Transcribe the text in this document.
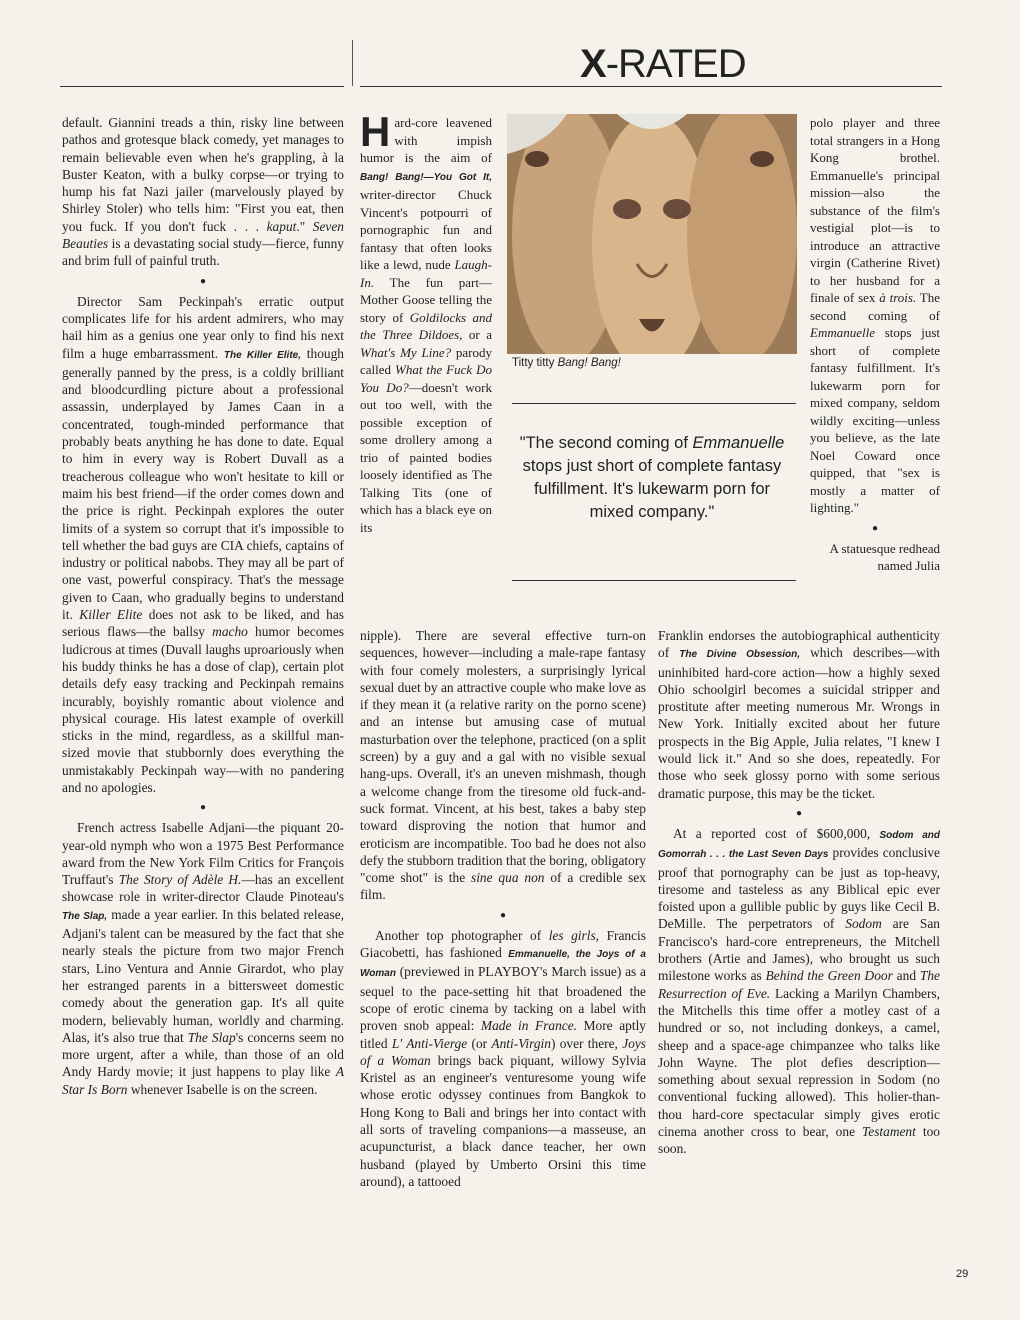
X-RATED

default. Giannini treads a thin, risky line between pathos and grotesque black comedy, yet manages to remain believable even when he's grappling, à la Buster Keaton, with a bulky corpse—or trying to hump his fat Nazi jailer (marvelously played by Shirley Stoler) who tells him: "First you eat, then you fuck. If you don't fuck . . . kaput." Seven Beauties is a devastating social study—fierce, funny and brim full of painful truth.

●

Director Sam Peckinpah's erratic output complicates life for his ardent admirers, who may hail him as a genius one year only to find his next film a huge embarrassment. The Killer Elite, though generally panned by the press, is a coldly brilliant and bloodcurdling picture about a professional assassin, underplayed by James Caan in a concentrated, tough-minded performance that probably beats anything he has done to date. Equal to him in every way is Robert Duvall as a treacherous colleague who won't hesitate to kill or maim his best friend—if the order comes down and the price is right. Peckinpah explores the outer limits of a system so corrupt that it's impossible to tell whether the bad guys are CIA chiefs, captains of industry or political nabobs. They may all be part of one vast, powerful conspiracy. That's the message given to Caan, who gradually begins to understand it. Killer Elite does not ask to be liked, and has serious flaws—the ballsy macho humor becomes ludicrous at times (Duvall laughs uproariously when his buddy thinks he has a dose of clap), certain plot details defy easy tracking and Peckinpah remains incurably, boyishly romantic about violence and physical courage. His latest example of overkill sticks in the mind, regardless, as a skillful man-sized movie that stubbornly does everything the unmistakably Peckinpah way—with no pandering and no apologies.

●

French actress Isabelle Adjani—the piquant 20-year-old nymph who won a 1975 Best Performance award from the New York Film Critics for François Truffaut's The Story of Adèle H.—has an excellent showcase role in writer-director Claude Pinoteau's The Slap, made a year earlier. In this belated release, Adjani's talent can be measured by the fact that she nearly steals the picture from two major French stars, Lino Ventura and Annie Girardot, who play her estranged parents in a bittersweet domestic comedy about the generation gap. It's all quite modern, believably human, worldly and charming. Alas, it's also true that The Slap's concerns seem no more urgent, after a while, than those of an old Andy Hardy movie; it just happens to play like A Star Is Born whenever Isabelle is on the screen.

Hard-core leavened with impish humor is the aim of Bang! Bang!—You Got It, writer-director Chuck Vincent's potpourri of pornographic fun and fantasy that often looks like a lewd, nude Laugh-In. The fun part—Mother Goose telling the story of Goldilocks and the Three Dildoes, or a What's My Line? parody called What the Fuck Do You Do?—doesn't work out too well, with the possible exception of some drollery among a trio of painted bodies loosely identified as The Talking Tits (one of which has a black eye on its

Titty titty Bang! Bang!
"The second coming of Emmanuelle stops just short of complete fantasy fulfillment. It's lukewarm porn for mixed company."

nipple). There are several effective turn-on sequences, however—including a male-rape fantasy with four comely molesters, a surprisingly lyrical sexual duet by an attractive couple who make love as if they mean it (a relative rarity on the porno scene) and an intense but amusing case of mutual masturbation over the telephone, practiced (on a split screen) by a guy and a gal with no visible sexual hang-ups. Overall, it's an uneven mishmash, though a welcome change from the tiresome old fuck-and-suck format. Vincent, at his best, takes a baby step toward disproving the notion that humor and eroticism are incompatible. Too bad he does not also defy the stubborn tradition that the boring, obligatory "come shot" is the sine qua non of a credible sex film.

●

Another top photographer of les girls, Francis Giacobetti, has fashioned Emmanuelle, the Joys of a Woman (previewed in PLAYBOY's March issue) as a sequel to the pace-setting hit that broadened the scope of erotic cinema by tacking on a label with proven snob appeal: Made in France. More aptly titled L' Anti-Vierge (or Anti-Virgin) over there, Joys of a Woman brings back piquant, willowy Sylvia Kristel as an engineer's venturesome young wife whose erotic odyssey continues from Bangkok to Hong Kong to Bali and brings her into contact with all sorts of traveling companions—a masseuse, an acupuncturist, a black dance teacher, her own husband (played by Umberto Orsini this time around), a tattooed

polo player and three total strangers in a Hong Kong brothel. Emmanuelle's principal mission—also the substance of the film's vestigial plot—is to introduce an attractive virgin (Catherine Rivet) to her husband for a finale of sex à trois. The second coming of Emmanuelle stops just short of complete fantasy fulfillment. It's lukewarm porn for mixed company, seldom wildly exciting—unless you believe, as the late Noel Coward once quipped, that "sex is mostly a matter of lighting."

●

A statuesque redhead named Julia

Franklin endorses the autobiographical authenticity of The Divine Obsession, which describes—with uninhibited hard-core action—how a highly sexed Ohio schoolgirl becomes a suicidal stripper and prostitute after meeting numerous Mr. Wrongs in New York. Initially excited about her future prospects in the Big Apple, Julia relates, "I knew I would lick it." And so she does, repeatedly. For those who seek glossy porno with some serious dramatic purpose, this may be the ticket.

●

At a reported cost of $600,000, Sodom and Gomorrah . . . the Last Seven Days provides conclusive proof that pornography can be just as top-heavy, tiresome and tasteless as any Biblical epic ever foisted upon a gullible public by guys like Cecil B. DeMille. The perpetrators of Sodom are San Francisco's hard-core entrepreneurs, the Mitchell brothers (Artie and James), who brought us such milestone works as Behind the Green Door and The Resurrection of Eve. Lacking a Marilyn Chambers, the Mitchells this time offer a motley cast of a hundred or so, not including donkeys, a camel, sheep and a space-age chimpanzee who talks like John Wayne. The plot defies description—something about sexual repression in Sodom (no conventional fucking allowed). This holier-than-thou hard-core spectacular simply gives erotic cinema another cross to bear, one Testament too soon.

29
